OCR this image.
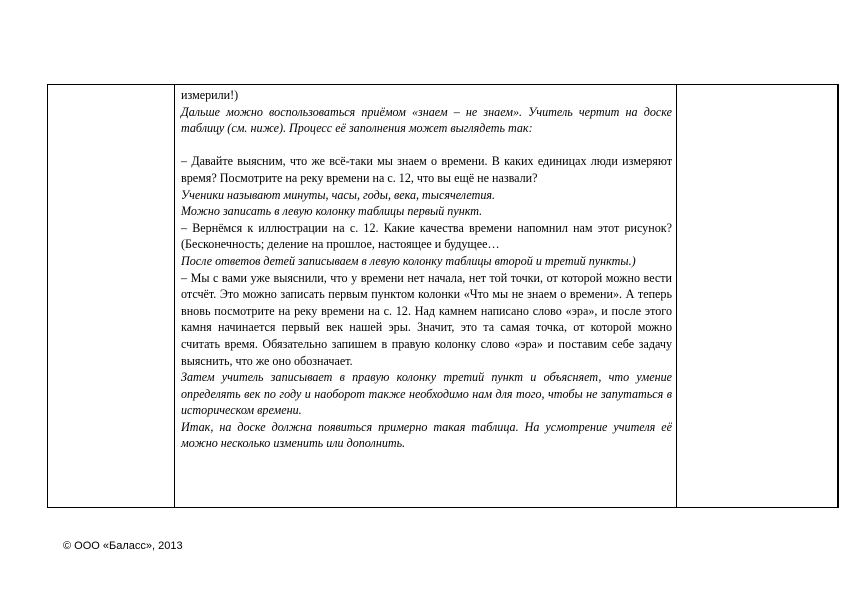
измерили!)

Дальше можно воспользоваться приёмом «знаем – не знаем». Учитель чертит на доске таблицу (см. ниже). Процесс её заполнения может выглядеть так:

– Давайте выясним, что же всё-таки мы знаем о времени. В каких единицах люди измеряют время? Посмотрите на реку времени на с. 12, что вы ещё не назвали?

Ученики называют минуты, часы, годы, века, тысячелетия.

Можно записать в левую колонку таблицы первый пункт.

– Вернёмся к иллюстрации на с. 12. Какие качества времени напомнил нам этот рисунок? (Бесконечность; деление на прошлое, настоящее и будущее…

После ответов детей записываем в левую колонку таблицы второй и третий пункты.)

– Мы с вами уже выяснили, что у времени нет начала, нет той точки, от которой можно вести отсчёт. Это можно записать первым пунктом колонки «Что мы не знаем о времени». А теперь вновь посмотрите на реку времени на с. 12. Над камнем написано слово «эра», и после этого камня начинается первый век нашей эры. Значит, это та самая точка, от которой можно считать время. Обязательно запишем в правую колонку слово «эра» и поставим себе задачу выяснить, что же оно обозначает.

Затем учитель записывает в правую колонку третий пункт и объясняет, что умение определять век по году и наоборот также необходимо нам для того, чтобы не запутаться в историческом времени.

Итак, на доске должна появиться примерно такая таблица. На усмотрение учителя её можно несколько изменить или дополнить.

© ООО «Баласс», 2013
